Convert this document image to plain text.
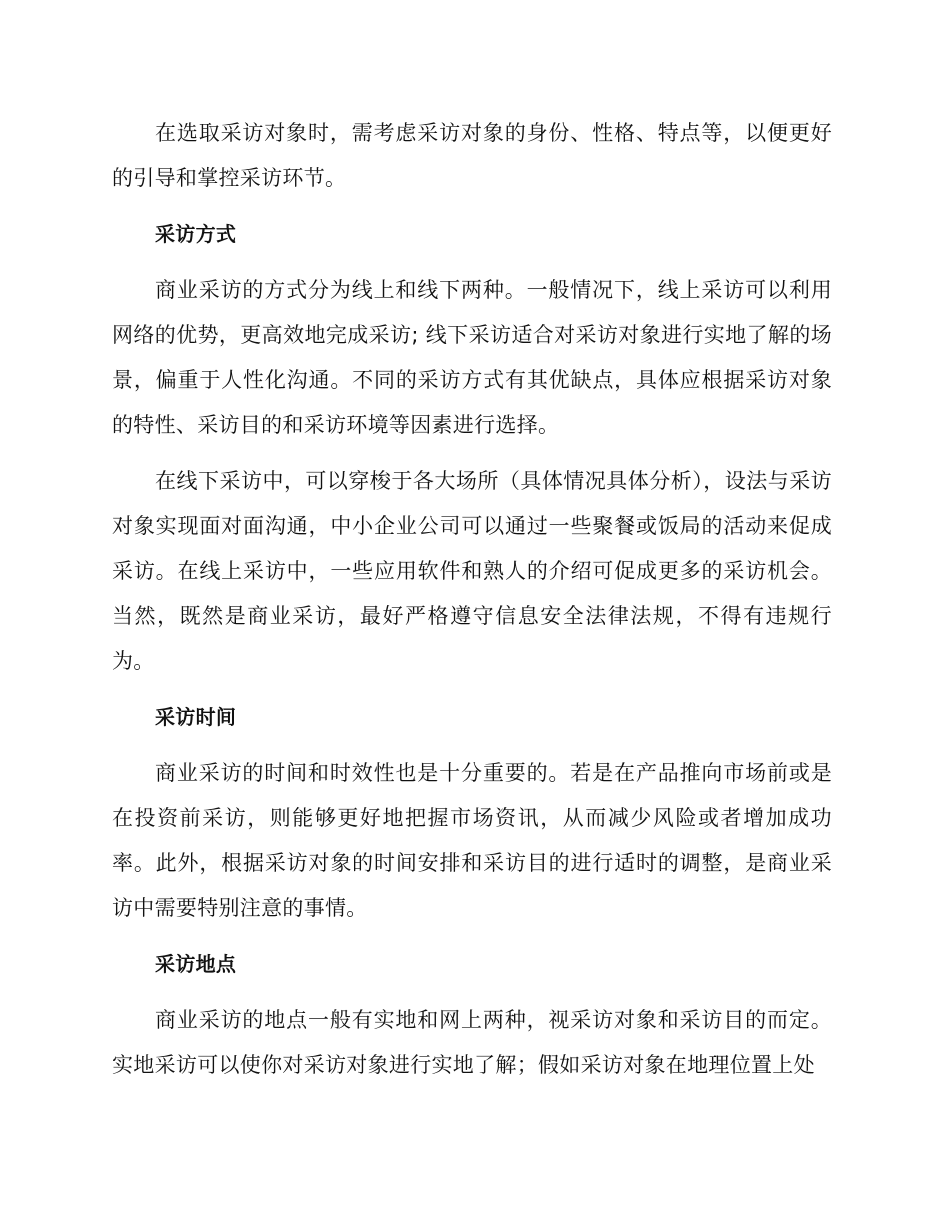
在选取采访对象时，需考虑采访对象的身份、性格、特点等，以便更好的引导和掌控采访环节。

采访方式

商业采访的方式分为线上和线下两种。一般情况下，线上采访可以利用网络的优势，更高效地完成采访; 线下采访适合对采访对象进行实地了解的场景，偏重于人性化沟通。不同的采访方式有其优缺点，具体应根据采访对象的特性、采访目的和采访环境等因素进行选择。

在线下采访中，可以穿梭于各大场所（具体情况具体分析），设法与采访对象实现面对面沟通，中小企业公司可以通过一些聚餐或饭局的活动来促成采访。在线上采访中，一些应用软件和熟人的介绍可促成更多的采访机会。当然，既然是商业采访，最好严格遵守信息安全法律法规，不得有违规行为。

采访时间

商业采访的时间和时效性也是十分重要的。若是在产品推向市场前或是在投资前采访，则能够更好地把握市场资讯，从而减少风险或者增加成功率。此外，根据采访对象的时间安排和采访目的进行适时的调整，是商业采访中需要特别注意的事情。

采访地点

商业采访的地点一般有实地和网上两种，视采访对象和采访目的而定。实地采访可以使你对采访对象进行实地了解；假如采访对象在地理位置上处
